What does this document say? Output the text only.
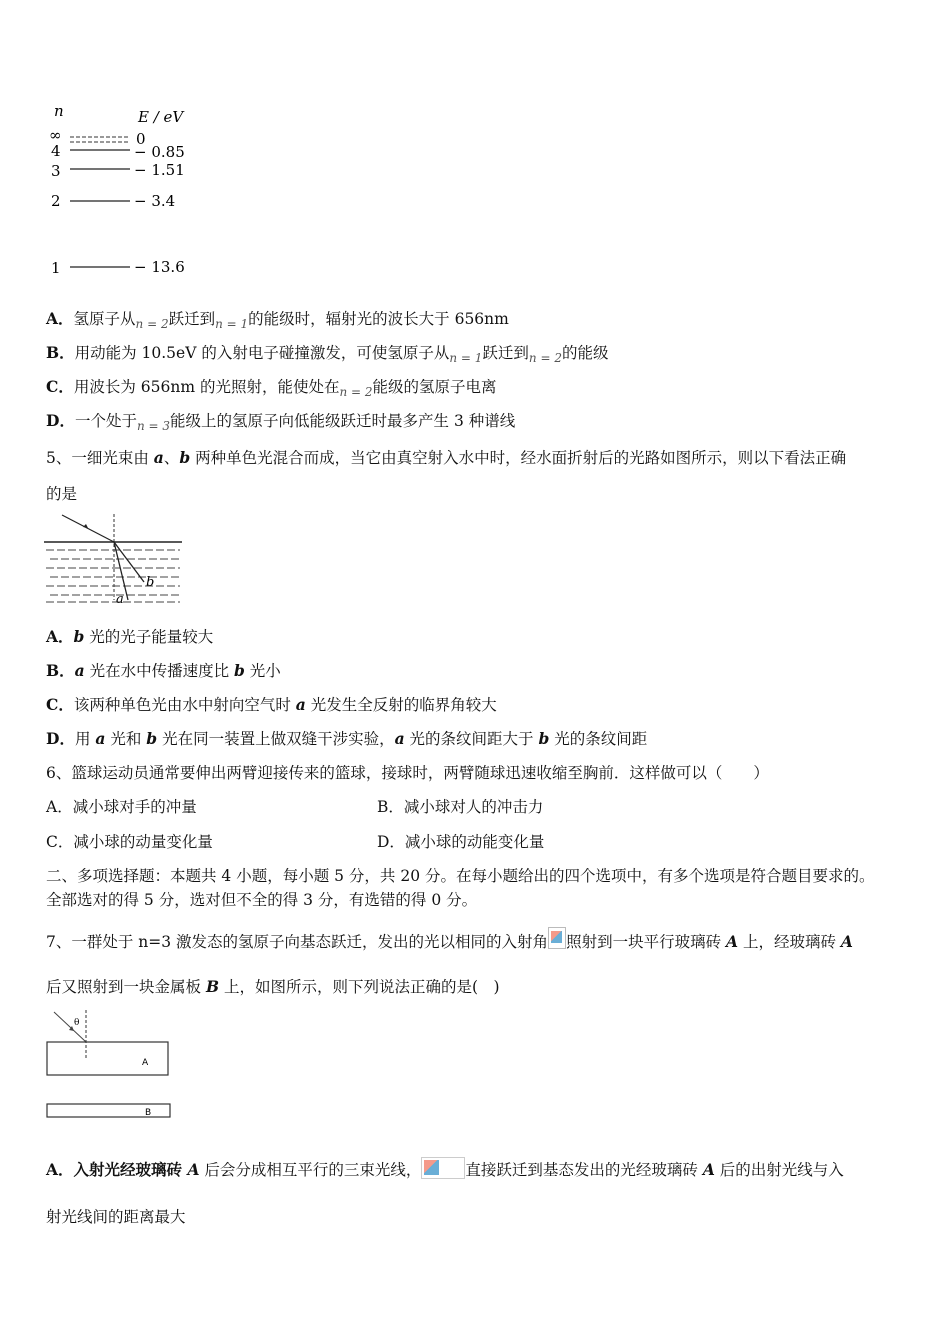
n	E / eV
∞	0
4	− 0.85
3	− 1.51
2	− 3.4
1	− 13.6
A．氢原子从$_{n = 2}$跃迁到$_{n = 1}$的能级时，辐射光的波长大于 656nm
B．用动能为 10.5eV 的入射电子碰撞激发，可使氢原子从$_{n = 1}$跃迁到$_{n = 2}$的能级
C．用波长为 656nm 的光照射，能使处在$_{n = 2}$能级的氢原子电离
D．一个处于$_{n = 3}$能级上的氢原子向低能级跃迁时最多产生 3 种谱线
5、一细光束由 a、b 两种单色光混合而成，当它由真空射入水中时，经水面折射后的光路如图所示，则以下看法正确
的是
a
b
A．b 光的光子能量较大
B．a 光在水中传播速度比 b 光小
C．该两种单色光由水中射向空气时 a 光发生全反射的临界角较大
D．用 a 光和 b 光在同一装置上做双缝干涉实验，a 光的条纹间距大于 b 光的条纹间距
6、篮球运动员通常要伸出两臂迎接传来的篮球，接球时，两臂随球迅速收缩至胸前．这样做可以（　　）
A．减小球对手的冲量	B．减小球对人的冲击力
C．减小球的动量变化量	D．减小球的动能变化量
二、多项选择题：本题共 4 小题，每小题 5 分，共 20 分。在每小题给出的四个选项中，有多个选项是符合题目要求的。
全部选对的得 5 分，选对但不全的得 3 分，有选错的得 0 分。
7、一群处于 n=3 激发态的氢原子向基态跃迁，发出的光以相同的入射角 照射到一块平行玻璃砖 A 上，经玻璃砖 A
后又照射到一块金属板 B 上，如图所示，则下列说法正确的是(　)
θ
A
B
A．入射光经玻璃砖 A 后会分成相互平行的三束光线，	直接跃迁到基态发出的光经玻璃砖 A 后的出射光线与入
射光线间的距离最大
